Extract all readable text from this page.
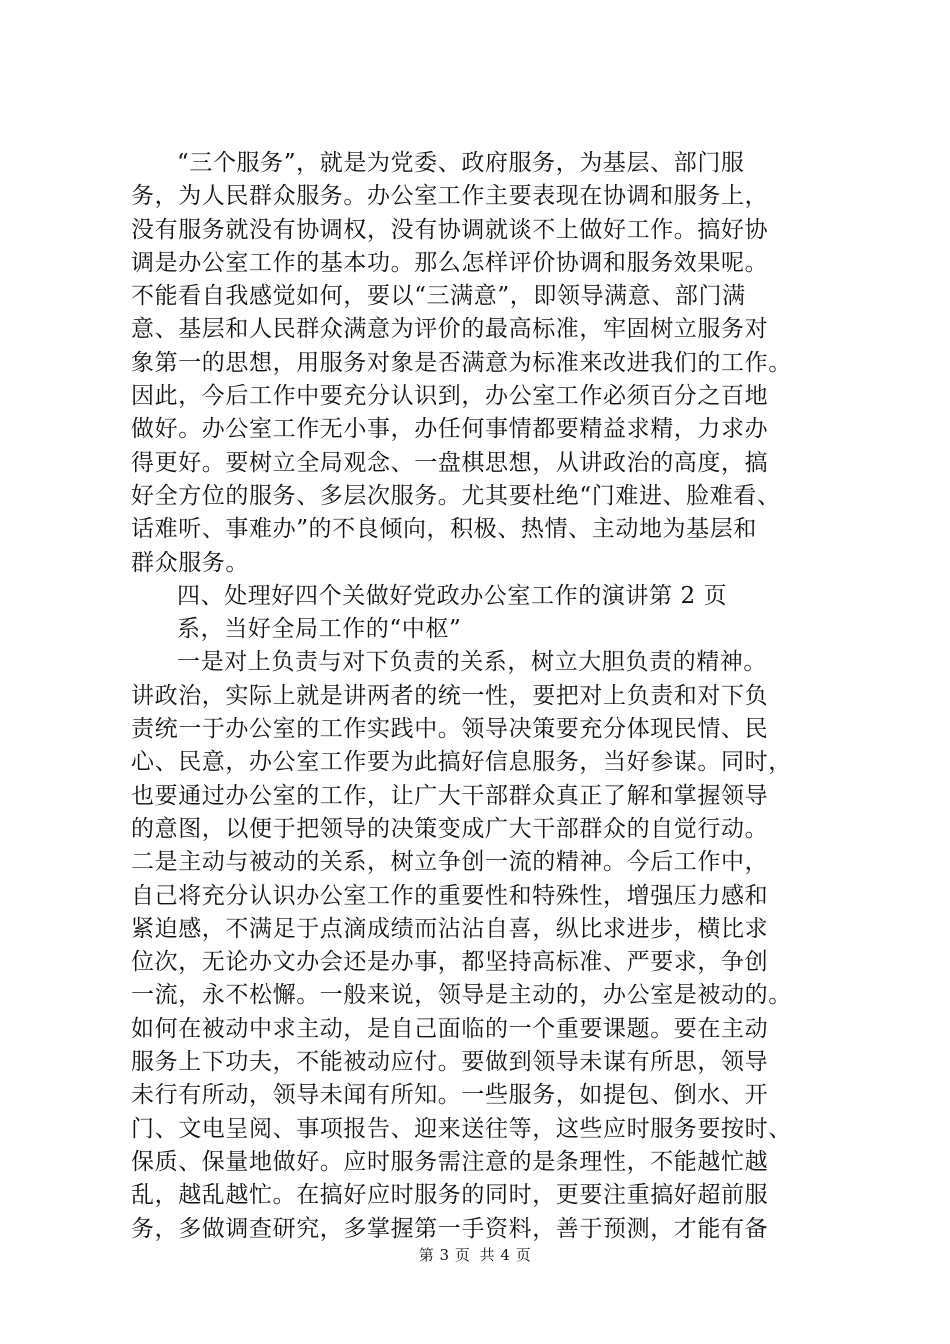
“三个服务”，就是为党委、政府服务，为基层、部门服
务，为人民群众服务。办公室工作主要表现在协调和服务上，
没有服务就没有协调权，没有协调就谈不上做好工作。搞好协
调是办公室工作的基本功。那么怎样评价协调和服务效果呢。
不能看自我感觉如何，要以“三满意”，即领导满意、部门满
意、基层和人民群众满意为评价的最高标准，牢固树立服务对
象第一的思想，用服务对象是否满意为标准来改进我们的工作。
因此，今后工作中要充分认识到，办公室工作必须百分之百地
做好。办公室工作无小事，办任何事情都要精益求精，力求办
得更好。要树立全局观念、一盘棋思想，从讲政治的高度，搞
好全方位的服务、多层次服务。尤其要杜绝“门难进、脸难看、
话难听、事难办”的不良倾向，积极、热情、主动地为基层和
群众服务。
四、处理好四个关做好党政办公室工作的演讲第 2 页
系，当好全局工作的“中枢”
一是对上负责与对下负责的关系，树立大胆负责的精神。
讲政治，实际上就是讲两者的统一性，要把对上负责和对下负
责统一于办公室的工作实践中。领导决策要充分体现民情、民
心、民意，办公室工作要为此搞好信息服务，当好参谋。同时，
也要通过办公室的工作，让广大干部群众真正了解和掌握领导
的意图，以便于把领导的决策变成广大干部群众的自觉行动。
二是主动与被动的关系，树立争创一流的精神。今后工作中，
自己将充分认识办公室工作的重要性和特殊性，增强压力感和
紧迫感，不满足于点滴成绩而沾沾自喜，纵比求进步，横比求
位次，无论办文办会还是办事，都坚持高标准、严要求，争创
一流，永不松懈。一般来说，领导是主动的，办公室是被动的。
如何在被动中求主动，是自己面临的一个重要课题。要在主动
服务上下功夫，不能被动应付。要做到领导未谋有所思，领导
未行有所动，领导未闻有所知。一些服务，如提包、倒水、开
门、文电呈阅、事项报告、迎来送往等，这些应时服务要按时、
保质、保量地做好。应时服务需注意的是条理性，不能越忙越
乱，越乱越忙。在搞好应时服务的同时，更要注重搞好超前服
务，多做调查研究，多掌握第一手资料，善于预测，才能有备
第 3 页 共 4 页
